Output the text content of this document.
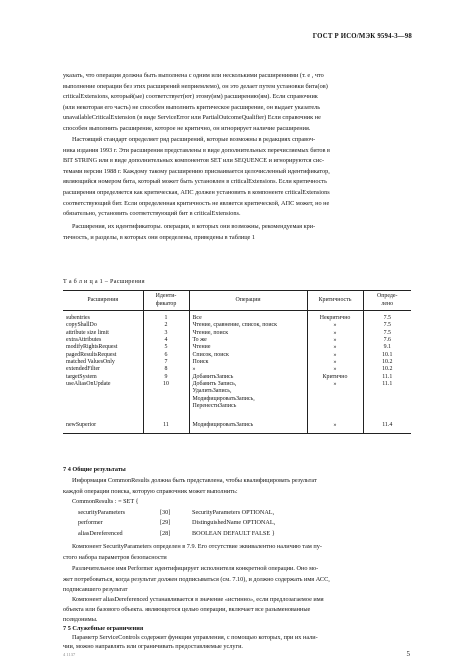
ГОСТ Р ИСО/МЭК 9594-3—98
указать, что операция должна быть выполнена с одним или несколькими расширениями (т. е , что
выполнение операции без этих расширений неприемлемо), он это делает путем установки бита(ов)
criticalExtensions, который(ые) соответствует(ют) этому(им) расширению(ям). Если справочник
(или некоторая его часть) не способен выполнить критическое расширение, он выдает указатель
unavailableCriticalExtension (в виде ServiceError или PartialOutcomeQualifier) Если справочник не
способен выполнить расширение, которое не критично, он игнорирует наличие расширения.
Настоящий стандарт определяет ряд расширений, которые возможны в редакциях справоч-
ника издания 1993 г. Эти расширения представлены в виде дополнительных перечисляемых битов в
BIT STRING или в виде дополнительных компонентов SET или SEQUENCE и игнорируются сис-
темами версии 1988 г. Каждому такому расширению присваивается целочисленный идентификатор,
являющийся номером бита, который может быть установлен в criticalExtensions. Если критичность
расширения определяется как критическая, АПС должен установить в компоненте criticalExtensions
соответствующий бит. Если определенная критичность не является критической, АПС может, но не
обязательно, установить соответствующий бит в criticalExtensions.
Расширения, их идентификаторы. операции, в которых они возможны, рекомендуемая кри-
тичность, и разделы, в которых они определены, приведены в таблице 1
Т а б л и ц а 1 – Расширения
Расширения	Иденти-
фикатор	Операции	Критичность	Опреде-
лено
subentries	1	Все	Некритично	7.5
copyShallDo	2	Чтение, сравнение, список, поиск	»	7.5
attribute size limit	3	Чтение, поиск	»	7.5
extraAttributes	4	То же	»	7.6
modifyRightsRequest	5	Чтение	»	9.1
pagedResultsRequest	6	Список, поиск	»	10.1
matched ValuesOnly	7	Поиск	»	10.2
extendedFilter	8	»	»	10.2
targetSystem	9	ДобавитьЗапись	Критично	11.1
useAliasOnUpdate	10	Добавить Запись,	»	11.1
		УдалитьЗапись,		
		МодифицироватьЗапись,		
		ПеренестиЗапись		
newSuperior	11	МодифицироватьЗапись	»	11.4
7 4 Общие результаты
Информация CommonResults должна быть представлена, чтобы квалифицировать результат
каждой операции поиска, которую справочник может выполнить:
CommonResults : = SET {
securityParameters	[30]	SecurityParameters OPTIONAL,
performer	[29]	DistinguishedName OPTIONAL,
aliasDereferenced	[28]	BOOLEAN DEFAULT FALSE }
Компонент SecurityParameters определен в 7.9. Его отсутствие эквивалентно наличию там пу-
стого набора параметров безопасности
Различительное имя Performer идентифицирует исполнителя конкретной операции. Оно мо-
жет потребоваться, когда результат должен подписываться (см. 7.10), и должно содержать имя АСС,
подписавшего результат
Компонент aliasDereferenced устанавливается в значение «истинно», если предлозагаемое имя
объекта или базового объекта. являющегося целью операции, включает все разыменованные
псевдонимы.
4 1137	5
7 5 Служебные ограничения
Параметр ServiceControls содержит функции управления, с помощью которых, при их нали-
чии, можно направлять или ограничивать предоставляемые услуги.
